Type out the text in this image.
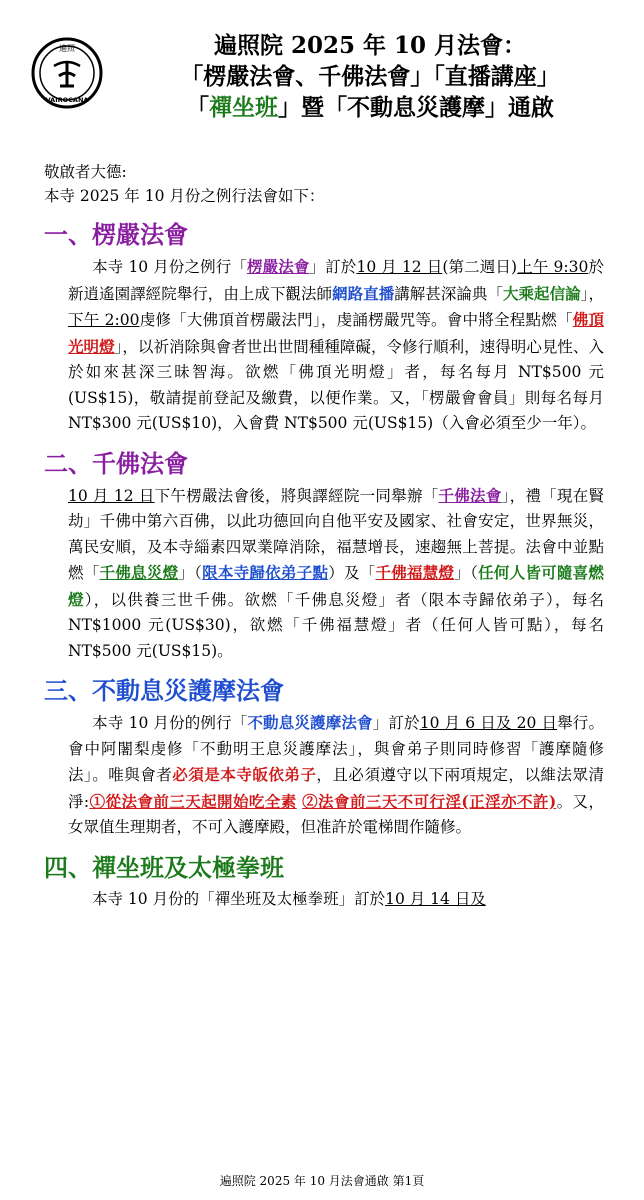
遍照
VAIROCANA
遍照院 2025 年 10 月法會：
「楞嚴法會、千佛法會」「直播講座」
「禪坐班」暨「不動息災護摩」通啟
敬啟者大德:
本寺 2025 年 10 月份之例行法會如下：
一、楞嚴法會
本寺 10 月份之例行「楞嚴法會」訂於10 月 12 日(第二週日)上午 9:30於新逍遙園譯經院舉行，由上成下觀法師網路直播講解甚深論典「大乘起信論」，下午 2:00虔修「大佛頂首楞嚴法門」，虔誦楞嚴咒等。會中將全程點燃「佛頂光明燈」，以祈消除與會者世出世間種種障礙，令修行順利，速得明心見性、入於如來甚深三昧智海。欲燃「佛頂光明燈」者，每名每月 NT$500 元(US$15)，敬請提前登記及繳費，以便作業。又，「楞嚴會會員」則每名每月 NT$300 元(US$10)，入會費 NT$500 元(US$15)（入會必須至少一年）。
二、千佛法會
10 月 12 日下午楞嚴法會後，將與譯經院一同舉辦「千佛法會」，禮「現在賢劫」千佛中第六百佛，以此功德回向自他平安及國家、社會安定，世界無災，萬民安順，及本寺緇素四眾業障消除，福慧增長，速趨無上菩提。法會中並點燃「千佛息災燈」（限本寺歸依弟子點）及「千佛福慧燈」（任何人皆可隨喜燃燈），以供養三世千佛。欲燃「千佛息災燈」者（限本寺歸依弟子），每名 NT$1000 元(US$30)，欲燃「千佛福慧燈」者（任何人皆可點），每名 NT$500 元(US$15)。
三、不動息災護摩法會
本寺 10 月份的例行「不動息災護摩法會」訂於10 月 6 日及 20 日舉行。會中阿闍梨虔修「不動明王息災護摩法」，與會弟子則同時修習「護摩隨修法」。唯與會者必須是本寺皈依弟子，且必須遵守以下兩項規定，以維法眾清淨:①從法會前三天起開始吃全素 ②法會前三天不可行淫(正淫亦不許)。又，女眾值生理期者，不可入護摩殿，但准許於電梯間作隨修。
四、禪坐班及太極拳班
本寺 10 月份的「禪坐班及太極拳班」訂於10 月 14 日及
遍照院 2025 年 10 月法會通啟 第1頁
